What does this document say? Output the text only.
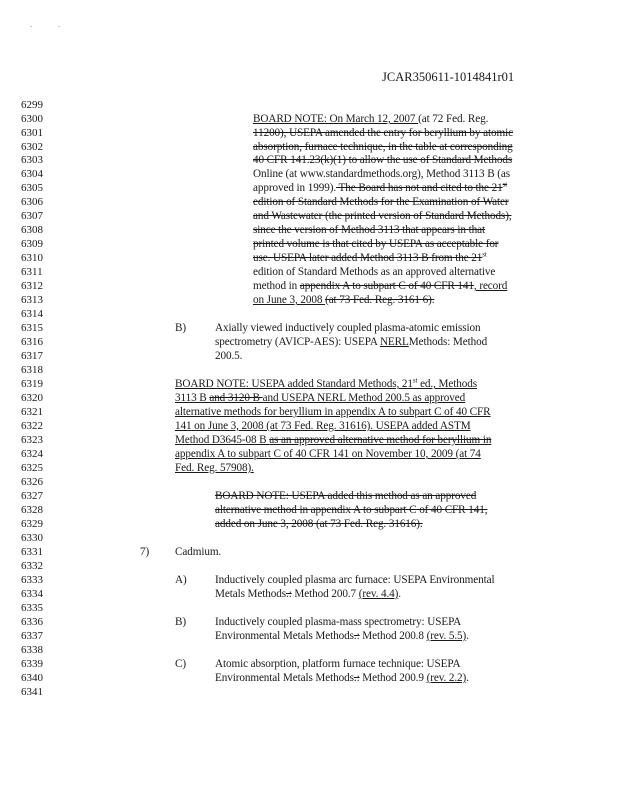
. .
JCAR350611-1014841r01
6299
6300
6301
6302
6303
6304
6305
6306
6307
6308
6309
6310
6311
6312
6313
6314
6315
6316
6317
6318
6319
6320
6321
6322
6323
6324
6325
6326
6327
6328
6329
6330
6331
6332
6333
6334
6335
6336
6337
6338
6339
6340
6341
BOARD NOTE: On March 12, 2007 (at 72 Fed. Reg.
11200), USEPA amended the entry for beryllium by atomic
absorption, furnace technique, in the table at corresponding
40 CFR 141.23(k)(1) to allow the use of Standard Methods
Online (at www.standardmethods.org), Method 3113 B (as
approved in 1999). The Board has not and cited to the 21st
edition of Standard Methods for the Examination of Water
and Wastewater (the printed version of Standard Methods),
since the version of Method 3113 that appears in that
printed volume is that cited by USEPA as acceptable for
use. USEPA later added Method 3113 B from the 21st
edition of Standard Methods as an approved alternative
method in appendix A to subpart C of 40 CFR 141, record
on June 3, 2008 (at 73 Fed. Reg. 3161 6).
B)	Axially viewed inductively coupled plasma-atomic emission
spectrometry (AVICP-AES): USEPA NERLMethods: Method
200.5.
BOARD NOTE: USEPA added Standard Methods, 21st ed., Methods
3113 B and 3120 B and USEPA NERL Method 200.5 as approved
alternative methods for beryllium in appendix A to subpart C of 40 CFR
141 on June 3, 2008 (at 73 Fed. Reg. 31616). USEPA added ASTM
Method D3645-08 B as an approved alternative method for beryllium in
appendix A to subpart C of 40 CFR 141 on November 10, 2009 (at 74
Fed. Reg. 57908).
BOARD NOTE: USEPA added this method as an approved
alternative method in appendix A to subpart C of 40 CFR 141,
added on June 3, 2008 (at 73 Fed. Reg. 31616).
7) Cadmium.
A)	Inductively coupled plasma arc furnace: USEPA Environmental
Metals Methods.: Method 200.7 (rev. 4.4).
B)	Inductively coupled plasma-mass spectrometry: USEPA
Environmental Metals Methods.: Method 200.8 (rev. 5.5).
C)	Atomic absorption, platform furnace technique: USEPA
Environmental Metals Methods.: Method 200.9 (rev. 2.2).
